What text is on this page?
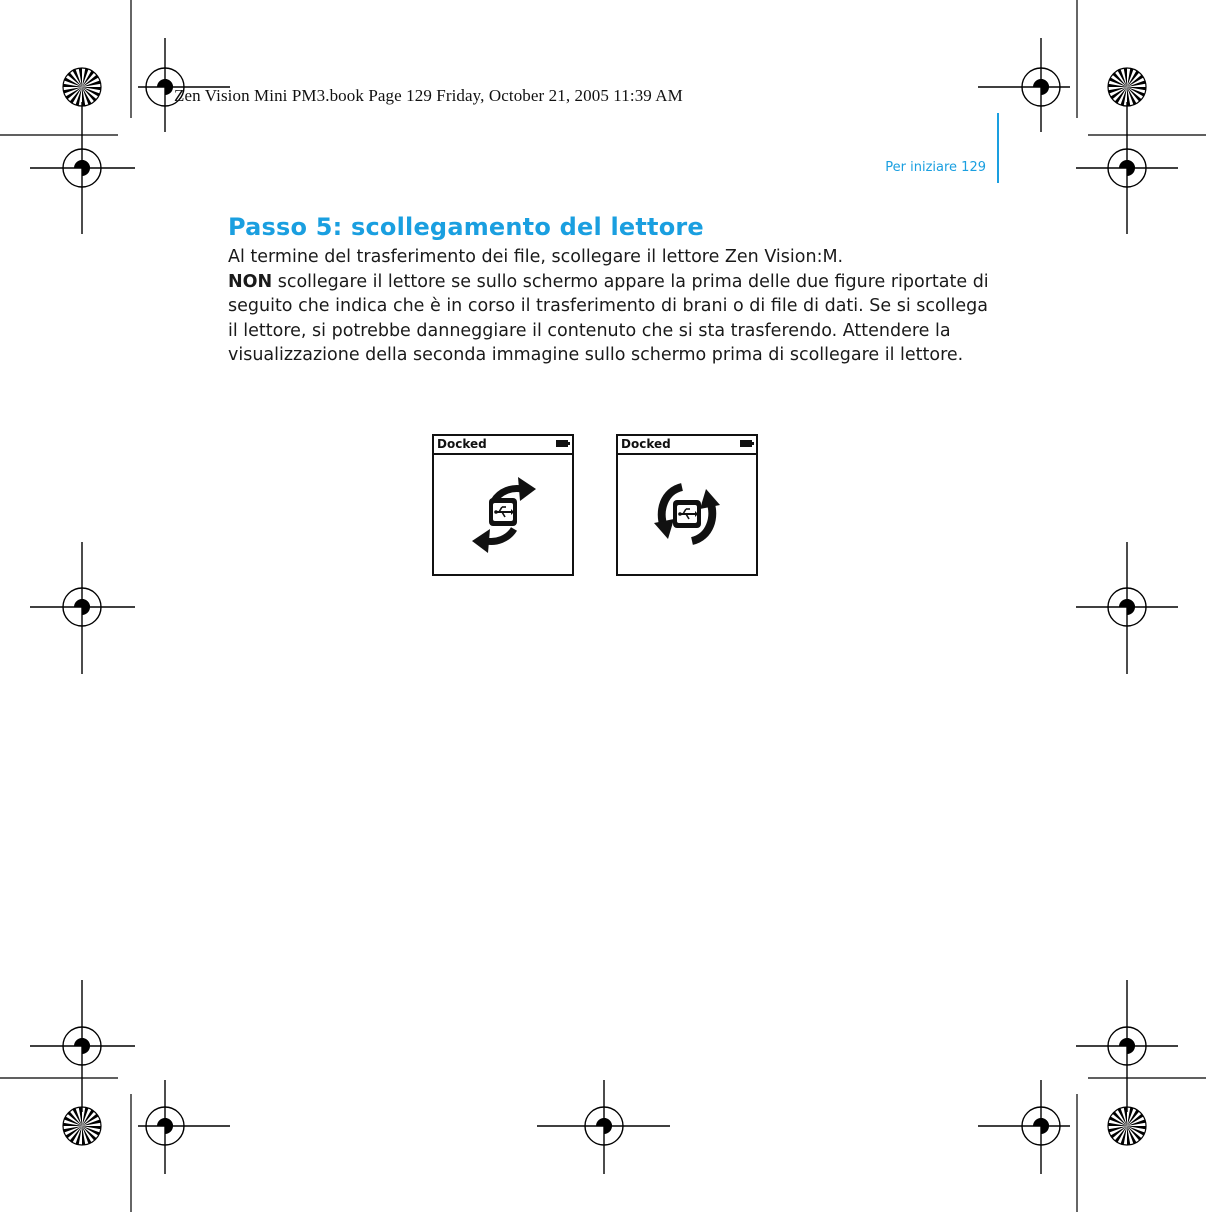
Zen Vision Mini PM3.book Page 129 Friday, October 21, 2005 11:39 AM
Per iniziare 129
Passo 5: scollegamento del lettore

Al termine del trasferimento dei file, scollegare il lettore Zen Vision:M.

NON scollegare il lettore se sullo schermo appare la prima delle due figure riportate di seguito che indica che è in corso il trasferimento di brani o di file di dati. Se si scollega il lettore, si potrebbe danneggiare il contenuto che si sta trasferendo. Attendere la visualizzazione della seconda immagine sullo schermo prima di scollegare il lettore.

Docked	Docked
